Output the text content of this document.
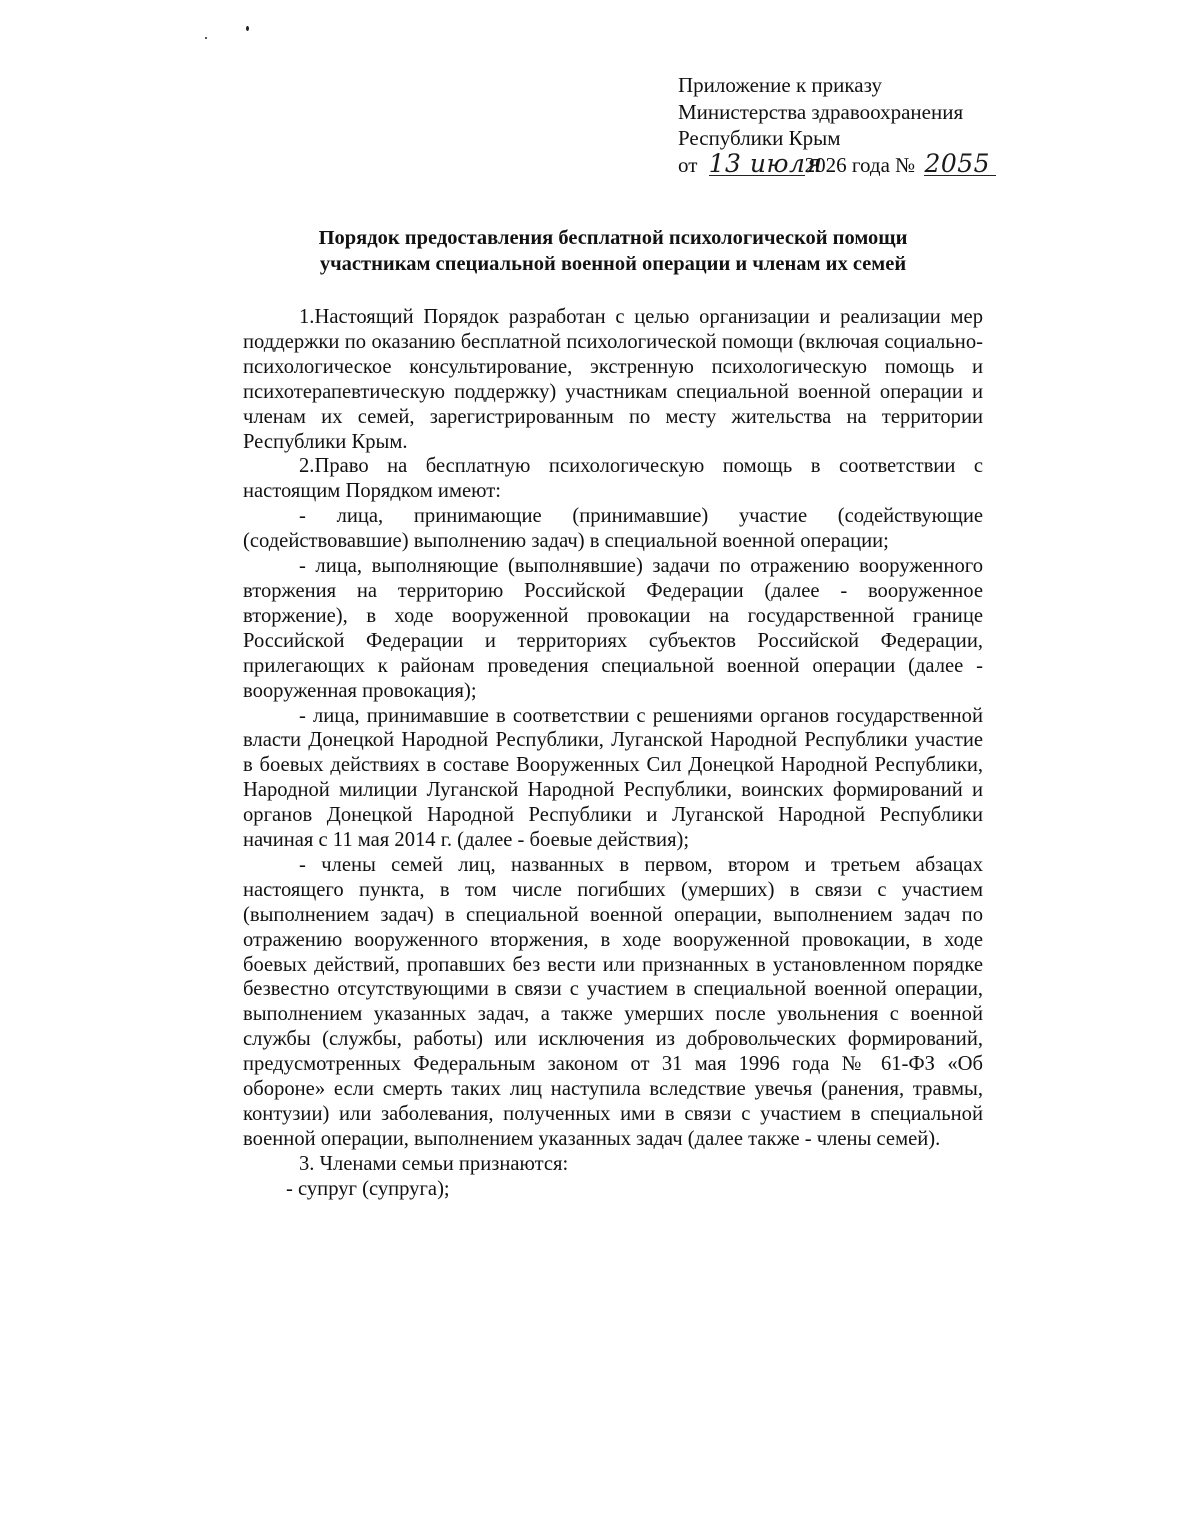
Приложение к приказу
Министерства здравоохранения
Республики Крым
от 13 июля2026 года № 2055
Порядок предоставления бесплатной психологической помощи
участникам специальной военной операции и членам их семей

1.Настоящий Порядок разработан с целью организации и реализации мер поддержки по оказанию бесплатной психологической помощи (включая социально-психологическое консультирование, экстренную психологическую помощь и психотерапевтическую поддержку) участникам специальной военной операции и членам их семей, зарегистрированным по месту жительства на территории Республики Крым.

2.Право на бесплатную психологическую помощь в соответствии с настоящим Порядком имеют:

- лица, принимающие (принимавшие) участие (содействующие (содействовавшие) выполнению задач) в специальной военной операции;

- лица, выполняющие (выполнявшие) задачи по отражению вооруженного вторжения на территорию Российской Федерации (далее - вооруженное вторжение), в ходе вооруженной провокации на государственной границе Российской Федерации и территориях субъектов Российской Федерации, прилегающих к районам проведения специальной военной операции (далее - вооруженная провокация);

- лица, принимавшие в соответствии с решениями органов государственной власти Донецкой Народной Республики, Луганской Народной Республики участие в боевых действиях в составе Вооруженных Сил Донецкой Народной Республики, Народной милиции Луганской Народной Республики, воинских формирований и органов Донецкой Народной Республики и Луганской Народной Республики начиная с 11 мая 2014 г. (далее - боевые действия);

- члены семей лиц, названных в первом, втором и третьем абзацах настоящего пункта, в том числе погибших (умерших) в связи с участием (выполнением задач) в специальной военной операции, выполнением задач по отражению вооруженного вторжения, в ходе вооруженной провокации, в ходе боевых действий, пропавших без вести или признанных в установленном порядке безвестно отсутствующими в связи с участием в специальной военной операции, выполнением указанных задач, а также умерших после увольнения с военной службы (службы, работы) или исключения из добровольческих формирований, предусмотренных Федеральным законом от 31 мая 1996 года № 61-ФЗ «Об обороне» если смерть таких лиц наступила вследствие увечья (ранения, травмы, контузии) или заболевания, полученных ими в связи с участием в специальной военной операции, выполнением указанных задач (далее также - члены семей).

3. Членами семьи признаются:

- супруг (супруга);
